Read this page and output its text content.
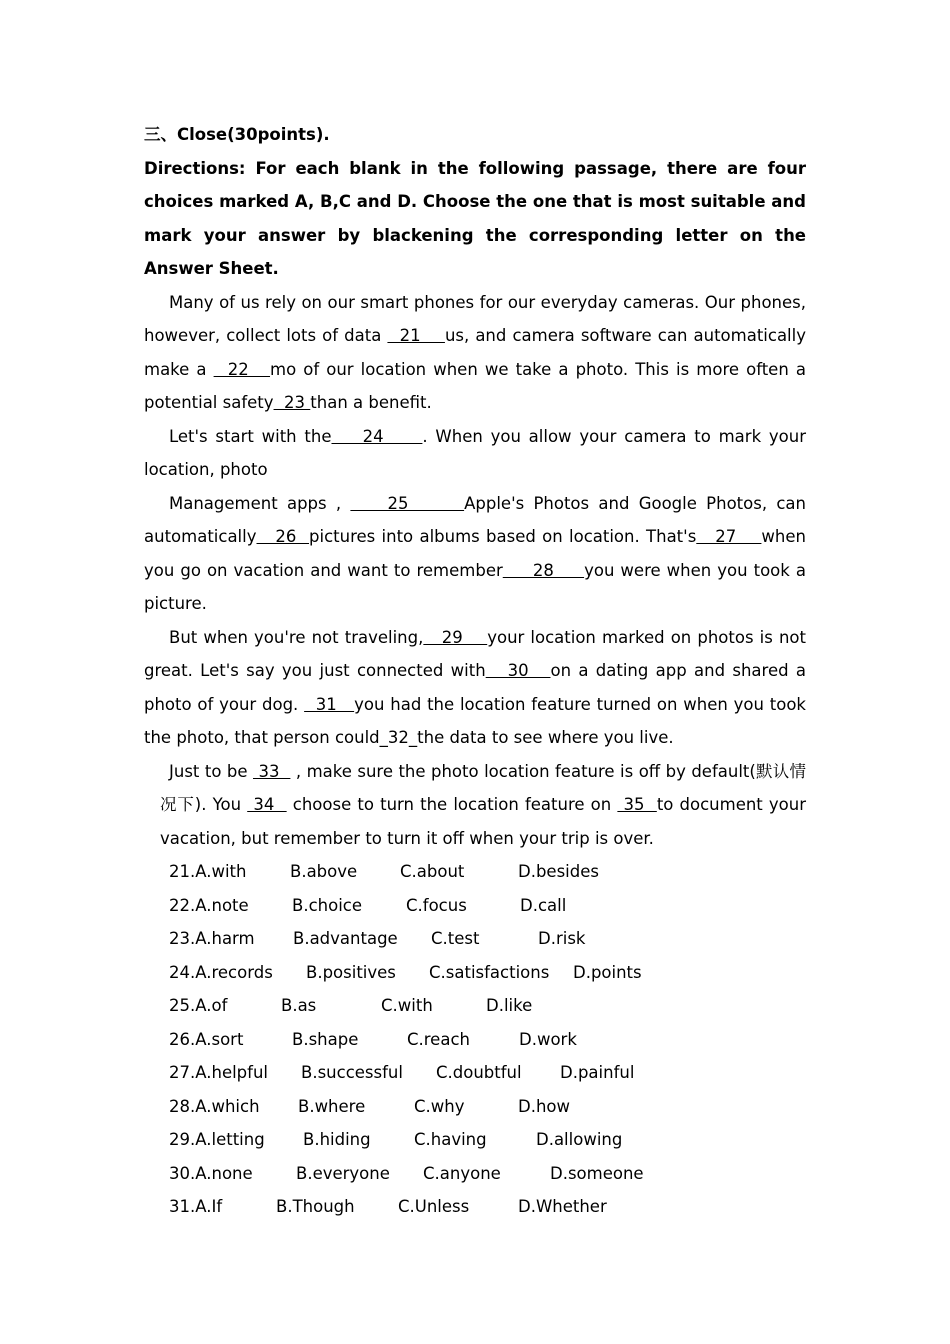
三、Close(30points).

Directions: For each blank in the following passage, there are four choices marked A, B,C and D. Choose the one that is most suitable and mark your answer by blackening the corresponding letter on the Answer Sheet.

Many of us rely on our smart phones for our everyday cameras. Our phones, however, collect lots of data   21    us, and camera software can automatically make a   22   mo of our location when we take a photo. This is more often a potential safety  23 than a benefit.

Let's start with the    24     . When you allow your camera to mark your location, photo

Management apps ,     25      Apple's Photos and Google Photos, can automatically   26  pictures into albums based on location. That's   27    when you go on vacation and want to remember     28     you were when you took a picture.

But when you're not traveling,   29    your location marked on photos is not great. Let's say you just connected with   30   on a dating app and shared a photo of your dog.   31   you had the location feature turned on when you took the photo, that person could_32_the data to see where you live.

Just to be  33   , make sure the photo location feature is off by default(默认情况下). You  34   choose to turn the location feature on  35  to document your vacation, but remember to turn it off when your trip is over.

21.A.with	B.above	C.about	D.besides
22.A.note	B.choice	C.focus	D.call
23.A.harm	B.advantage	C.test	D.risk
24.A.records	B.positives	C.satisfactions	D.points
25.A.of	B.as	C.with	D.like
26.A.sort	B.shape	C.reach	D.work
27.A.helpful	B.successful	C.doubtful	D.painful
28.A.which	B.where	C.why	D.how
29.A.letting	B.hiding	C.having	D.allowing
30.A.none	B.everyone	C.anyone	D.someone
31.A.If	B.Though	C.Unless	D.Whether
